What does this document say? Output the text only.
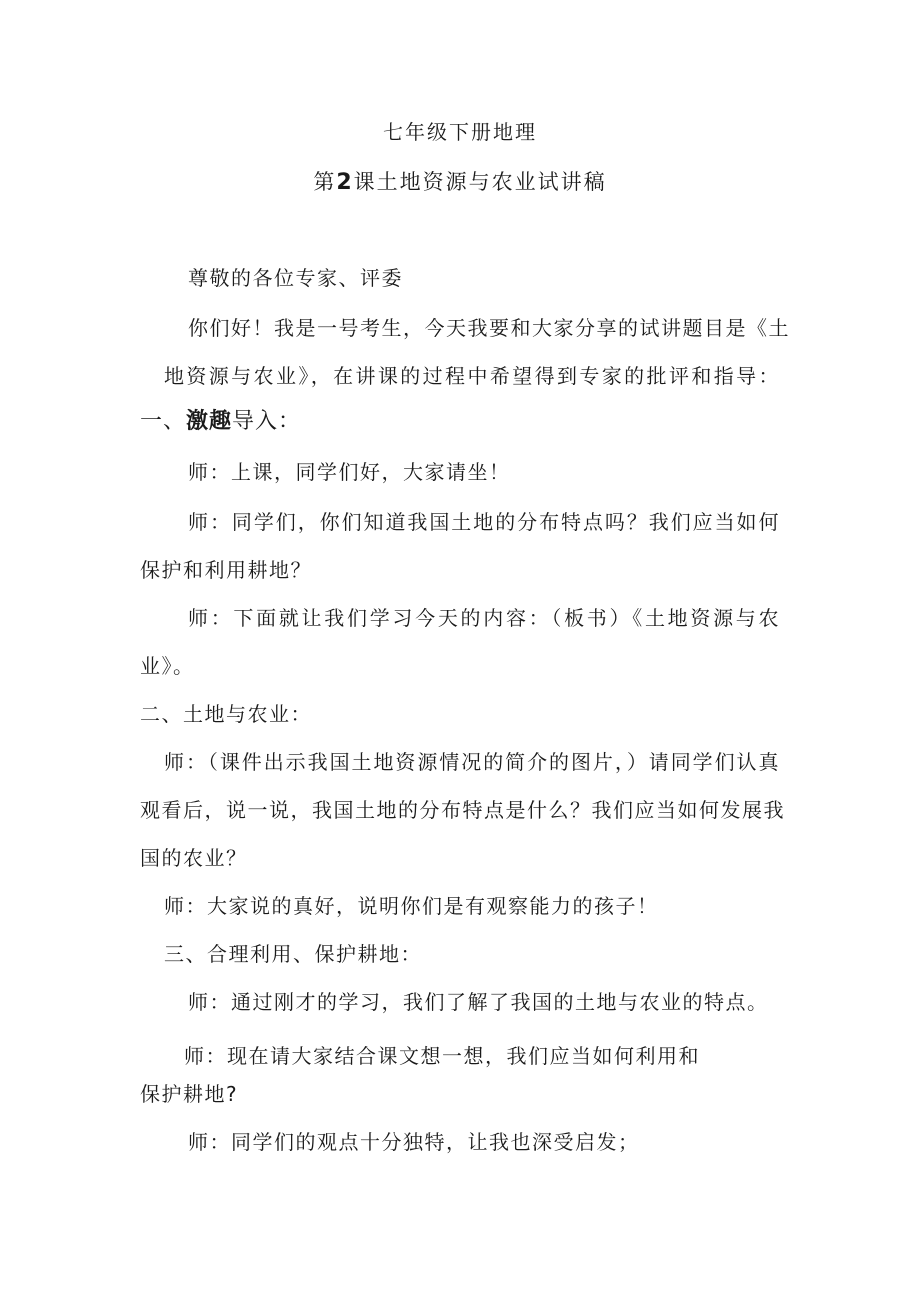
七年级下册地理
第2课土地资源与农业试讲稿
尊敬的各位专家、评委
你们好！我是一号考生，今天我要和大家分享的试讲题目是《土
地资源与农业》，在讲课的过程中希望得到专家的批评和指导：
一、激趣导入：
师：上课，同学们好，大家请坐！
师：同学们，你们知道我国土地的分布特点吗？我们应当如何
保护和利用耕地？
师：下面就让我们学习今天的内容：（板书）《土地资源与农
业》。
二、土地与农业：
师：（课件出示我国土地资源情况的简介的图片，）请同学们认真
观看后，说一说，我国土地的分布特点是什么？我们应当如何发展我
国的农业？
师：大家说的真好，说明你们是有观察能力的孩子！
三、合理利用、保护耕地：
师：通过刚才的学习，我们了解了我国的土地与农业的特点。
师：现在请大家结合课文想一想，我们应当如何利用和
保护耕地?
师：同学们的观点十分独特，让我也深受启发；
